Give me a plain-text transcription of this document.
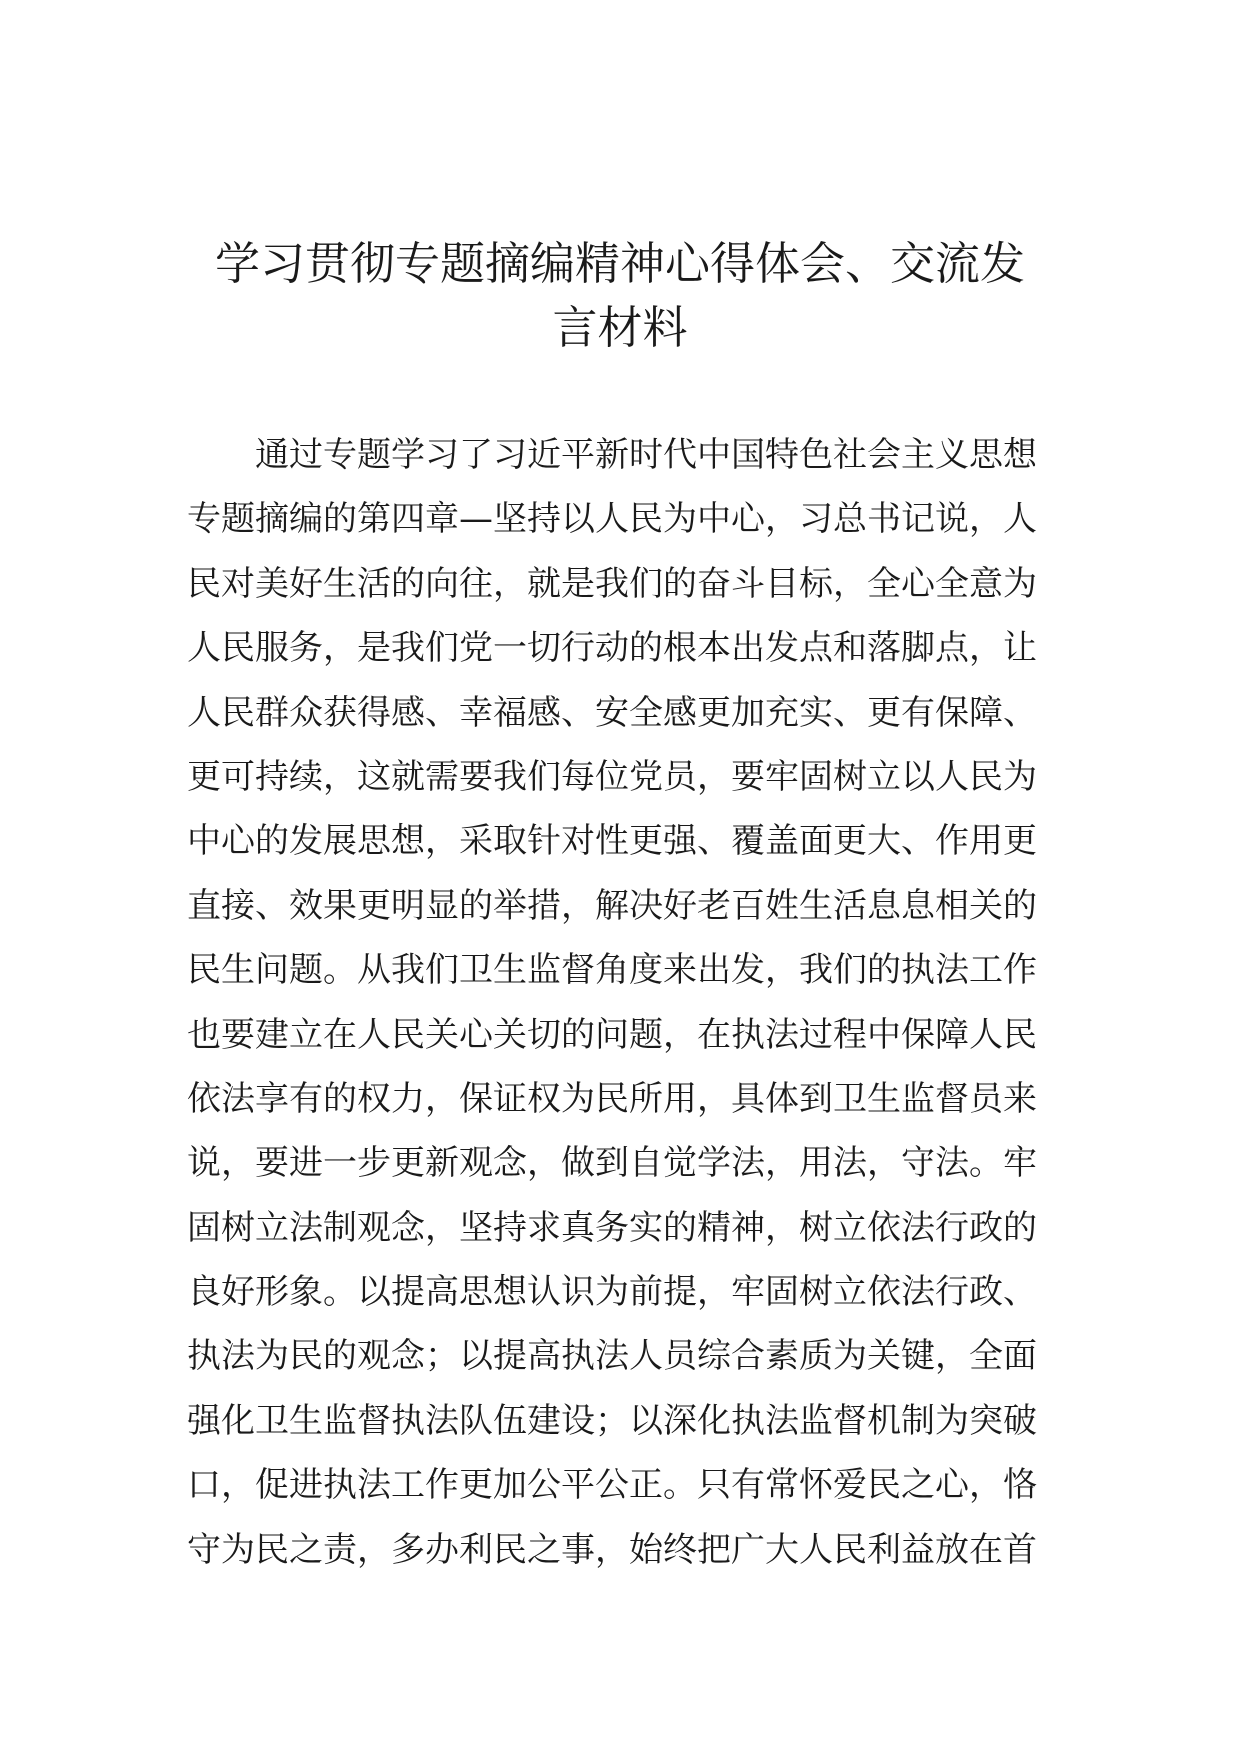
学习贯彻专题摘编精神心得体会、交流发
言材料
通过专题学习了习近平新时代中国特色社会主义思想
专题摘编的第四章—坚持以人民为中心，习总书记说，人
民对美好生活的向往，就是我们的奋斗目标，全心全意为
人民服务，是我们党一切行动的根本出发点和落脚点，让
人民群众获得感、幸福感、安全感更加充实、更有保障、
更可持续，这就需要我们每位党员，要牢固树立以人民为
中心的发展思想，采取针对性更强、覆盖面更大、作用更
直接、效果更明显的举措，解决好老百姓生活息息相关的
民生问题。从我们卫生监督角度来出发，我们的执法工作
也要建立在人民关心关切的问题，在执法过程中保障人民
依法享有的权力，保证权为民所用，具体到卫生监督员来
说，要进一步更新观念，做到自觉学法，用法，守法。牢
固树立法制观念，坚持求真务实的精神，树立依法行政的
良好形象。以提高思想认识为前提，牢固树立依法行政、
执法为民的观念；以提高执法人员综合素质为关键，全面
强化卫生监督执法队伍建设；以深化执法监督机制为突破
口，促进执法工作更加公平公正。只有常怀爱民之心，恪
守为民之责，多办利民之事，始终把广大人民利益放在首
